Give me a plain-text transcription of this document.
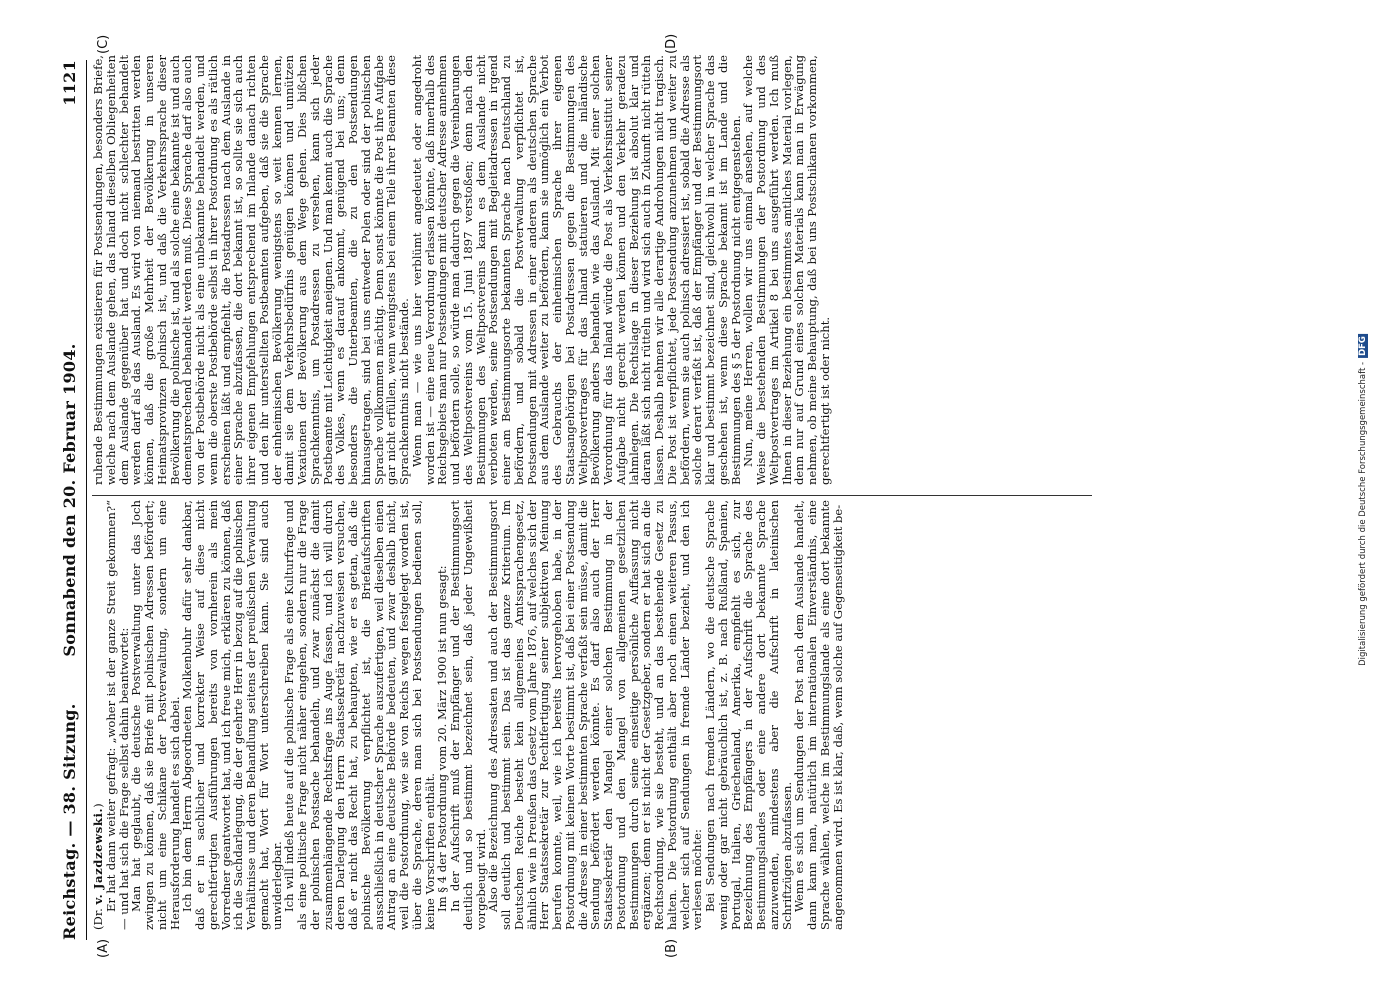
Reichstag. — 38. Sitzung.
Sonnabend den 20. Februar 1904.
1121
(A)	(B)
(C)	(D)

(Dr. v. Jazdzewski.)

Er hat dann weiter gefragt: „woher ist der ganze Streit gekommen?“ — und hat sich die Frage selbst dahin beantwortet:

Man hat geglaubt, die deutsche Postverwaltung unter das Joch zwingen zu können, daß sie Briefe mit polnischen Adressen befördert; nicht um eine Schikane der Postverwaltung, sondern um eine Herausforderung handelt es sich dabei.

Ich bin dem Herrn Abgeordneten Molkenbuhr dafür sehr dankbar, daß er in sachlicher und korrekter Weise auf diese nicht gerechtfertigten Ausführungen bereits von vornherein als mein Vorredner geantwortet hat, und ich freue mich, erklären zu können, daß ich die Sachdarlegung, die der geehrte Herr in bezug auf die polnischen Verhältnisse und deren Behandlung seitens der preußischen Verwaltung gemacht hat, Wort für Wort unterschreiben kann. Sie sind auch unwiderlegbar.

Ich will indeß heute auf die polnische Frage als eine Kulturfrage und als eine politische Frage nicht näher eingehen, sondern nur die Frage der polnischen Postsache behandeln, und zwar zunächst die damit zusammenhängende Rechtsfrage ins Auge fassen, und ich will durch deren Darlegung den Herrn Staatssekretär nachzuweisen versuchen, daß er nicht das Recht hat, zu behaupten, wie er es getan, daß die polnische Bevölkerung verpflichtet ist, die Briefaufschriften ausschließlich in deutscher Sprache auszufertigen, weil dieselben einen Antrag an eine deutsche Behörde bedeuten, und zwar deshalb nicht, weil die Postordnung, wie sie von Reichs wegen festgelegt worden ist, über die Sprache, deren man sich bei Postsendungen bedienen soll, keine Vorschriften enthält.

Im § 4 der Postordnung vom 20. März 1900 ist nun gesagt:

In der Aufschrift muß der Empfänger und der Bestimmungsort deutlich und so bestimmt bezeichnet sein, daß jeder Ungewißheit vorgebeugt wird.

Also die Bezeichnung des Adressaten und auch der Bestimmungsort soll deutlich und bestimmt sein. Das ist das ganze Kriterium. Im Deutschen Reiche besteht kein allgemeines Amtssprachengesetz, ähnlich wie in Preußen das Gesetz vom Jahre 1876, auf welches sich der Herr Staatssekretär zur Rechtfertigung seiner subjektiven Meinung berufen konnte, weil, wie ich bereits hervorgehoben habe, in der Postordnung mit keinem Worte bestimmt ist, daß bei einer Postsendung die Adresse in einer bestimmten Sprache verfaßt sein müsse, damit die Sendung befördert werden könnte. Es darf also auch der Herr Staatssekretär den Mangel einer solchen Bestimmung in der Postordnung und den Mangel von allgemeinen gesetzlichen Bestimmungen durch seine einseitige persönliche Auffassung nicht ergänzen; denn er ist nicht der Gesetzgeber, sondern er hat sich an die Rechtsordnung, wie sie besteht, und an das bestehende Gesetz zu halten. Die Postordnung enthält aber noch einen weiteren Passus, welcher sich auf Sendungen in fremde Länder bezieht, und den ich verlesen möchte:

Bei Sendungen nach fremden Ländern, wo die deutsche Sprache wenig oder gar nicht gebräuchlich ist, z. B. nach Rußland, Spanien, Portugal, Italien, Griechenland, Amerika, empfiehlt es sich, zur Bezeichnung des Empfängers in der Aufschrift die Sprache des Bestimmungslandes oder eine andere dort bekannte Sprache anzuwenden, mindestens aber die Aufschrift in lateinischen Schriftzügen abzufassen.

Wenn es sich um Sendungen der Post nach dem Auslande handelt, dann kann man, natürlich im internationalen Einverständnis, eine Sprache wählen, welche im Bestimmungslande als eine dort bekannte angenommen wird. Es ist klar, daß, wenn solche auf Gegenseitigkeit be-

ruhende Bestimmungen existieren für Postsendungen, besonders Briefe, welche nach dem Auslande gehen, das Inland dieselben Obliegenheiten dem Auslande gegenüber hat und doch nicht schlechter behandelt werden darf als das Ausland. Es wird von niemand bestritten werden können, daß die große Mehrheit der Bevölkerung in unseren Heimatsprovinzen polnisch ist, und daß die Verkehrssprache dieser Bevölkerung die polnische ist, und als solche eine bekannte ist und auch dementsprechend behandelt werden muß. Diese Sprache darf also auch von der Postbehörde nicht als eine unbekannte behandelt werden, und wenn die oberste Postbehörde selbst in ihrer Postordnung es als rätlich erscheinen läßt und empfiehlt, die Postadressen nach dem Auslande in einer Sprache abzufassen, die dort bekannt ist, so sollte sie sich auch ihrer eigenen Empfehlungen entsprechend im Inlande danach richten und den ihr unterstellten Postbeamten aufgeben, daß sie die Sprache der einheimischen Bevölkerung wenigstens so weit kennen lernen, damit sie dem Verkehrsbedürfnis genügen können und unnützen Vexationen der Bevölkerung aus dem Wege gehen. Dies bißchen Sprachkenntnis, um Postadressen zu versehen, kann sich jeder Postbeamte mit Leichtigkeit aneignen. Und man kennt auch die Sprache des Volkes, wenn es darauf ankommt, genügend bei uns; denn besonders die Unterbeamten, die zu den Postsendungen hinausgetragen, sind bei uns entweder Polen oder sind der polnischen Sprache vollkommen mächtig. Denn sonst könnte die Post ihre Aufgabe gar nicht erfüllen, wenn wenigstens bei einem Teile ihrer Beamten diese Sprachkenntnis nicht bestände.

Wenn man — wie uns hier verblümt angedeutet oder angedroht worden ist — eine neue Verordnung erlassen könnte, daß innerhalb des Reichsgebiets man nur Postsendungen mit deutscher Adresse annehmen und befördern solle, so würde man dadurch gegen die Vereinbarungen des Weltpostvereins vom 15. Juni 1897 verstoßen; denn nach den Bestimmungen des Weltpostvereins kann es dem Auslande nicht verboten werden, seine Postsendungen mit Begleitadressen in irgend einer am Bestimmungsorte bekannten Sprache nach Deutschland zu befördern, und sobald die Postverwaltung verpflichtet ist, Postsendungen mit Adressen in einer anderen als deutschen Sprache aus dem Auslande weiter zu befördern, kann sie unmöglich ein Verbot des Gebrauchs der einheimischen Sprache ihrer eigenen Staatsangehörigen bei Postadressen gegen die Bestimmungen des Weltpostvertrages für das Inland statuieren und die inländische Bevölkerung anders behandeln wie das Ausland. Mit einer solchen Verordnung für das Inland würde die Post als Verkehrsinstitut seiner Aufgabe nicht gerecht werden können und den Verkehr geradezu lahmlegen. Die Rechtslage in dieser Beziehung ist absolut klar und daran läßt sich nicht rütteln und wird sich auch in Zukunft nicht rütteln lassen. Deshalb nehmen wir alle derartige Androhungen nicht tragisch. Die Post ist verpflichtet, jede Postsendung anzunehmen und weiter zu befördern, wenn sie auch polnisch adressiert ist, sobald die Adresse als solche derart verfaßt ist, daß der Empfänger und der Bestimmungsort klar und bestimmt bezeichnet sind, gleichwohl in welcher Sprache das geschehen ist, wenn diese Sprache bekannt ist im Lande und die Bestimmungen des § 5 der Postordnung nicht entgegenstehen.

Nun, meine Herren, wollen wir uns einmal ansehen, auf welche Weise die bestehenden Bestimmungen der Postordnung und des Weltpostvertrages im Artikel 8 bei uns ausgeführt werden. Ich muß Ihnen in dieser Beziehung ein bestimmtes amtliches Material vorlegen, denn nur auf Grund eines solchen Materials kann man in Erwägung nehmen, ob meine Behauptung, daß bei uns Postschikanen vorkommen, gerechtfertigt ist oder nicht.	Digitalisierung gefördert durch die Deutsche Forschungsgemeinschaft -DFG
